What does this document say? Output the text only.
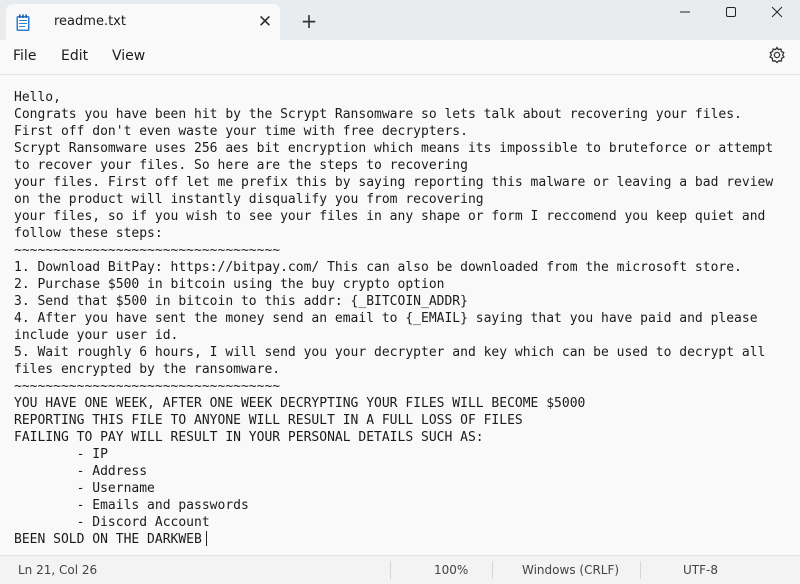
readme.txt	✕ +
File Edit View
Hello,
Congrats you have been hit by the Scrypt Ransomware so lets talk about recovering your files.
First off don't even waste your time with free decrypters.
Scrypt Ransomware uses 256 aes bit encryption which means its impossible to bruteforce or attempt
to recover your files. So here are the steps to recovering
your files. First off let me prefix this by saying reporting this malware or leaving a bad review
on the product will instantly disqualify you from recovering
your files, so if you wish to see your files in any shape or form I reccomend you keep quiet and
follow these steps:
~~~~~~~~~~~~~~~~~~~~~~~~~~~~~~~~~~
1. Download BitPay: https://bitpay.com/ This can also be downloaded from the microsoft store.
2. Purchase $500 in bitcoin using the buy crypto option
3. Send that $500 in bitcoin to this addr: {_BITCOIN_ADDR}
4. After you have sent the money send an email to {_EMAIL} saying that you have paid and please
include your user id.
5. Wait roughly 6 hours, I will send you your decrypter and key which can be used to decrypt all
files encrypted by the ransomware.
~~~~~~~~~~~~~~~~~~~~~~~~~~~~~~~~~~
YOU HAVE ONE WEEK, AFTER ONE WEEK DECRYPTING YOUR FILES WILL BECOME $5000
REPORTING THIS FILE TO ANYONE WILL RESULT IN A FULL LOSS OF FILES
FAILING TO PAY WILL RESULT IN YOUR PERSONAL DETAILS SUCH AS:
- IP
- Address
- Username
- Emails and passwords
- Discord Account
BEEN SOLD ON THE DARKWEB
Ln 21, Col 26	100%	Windows (CRLF)	UTF-8
